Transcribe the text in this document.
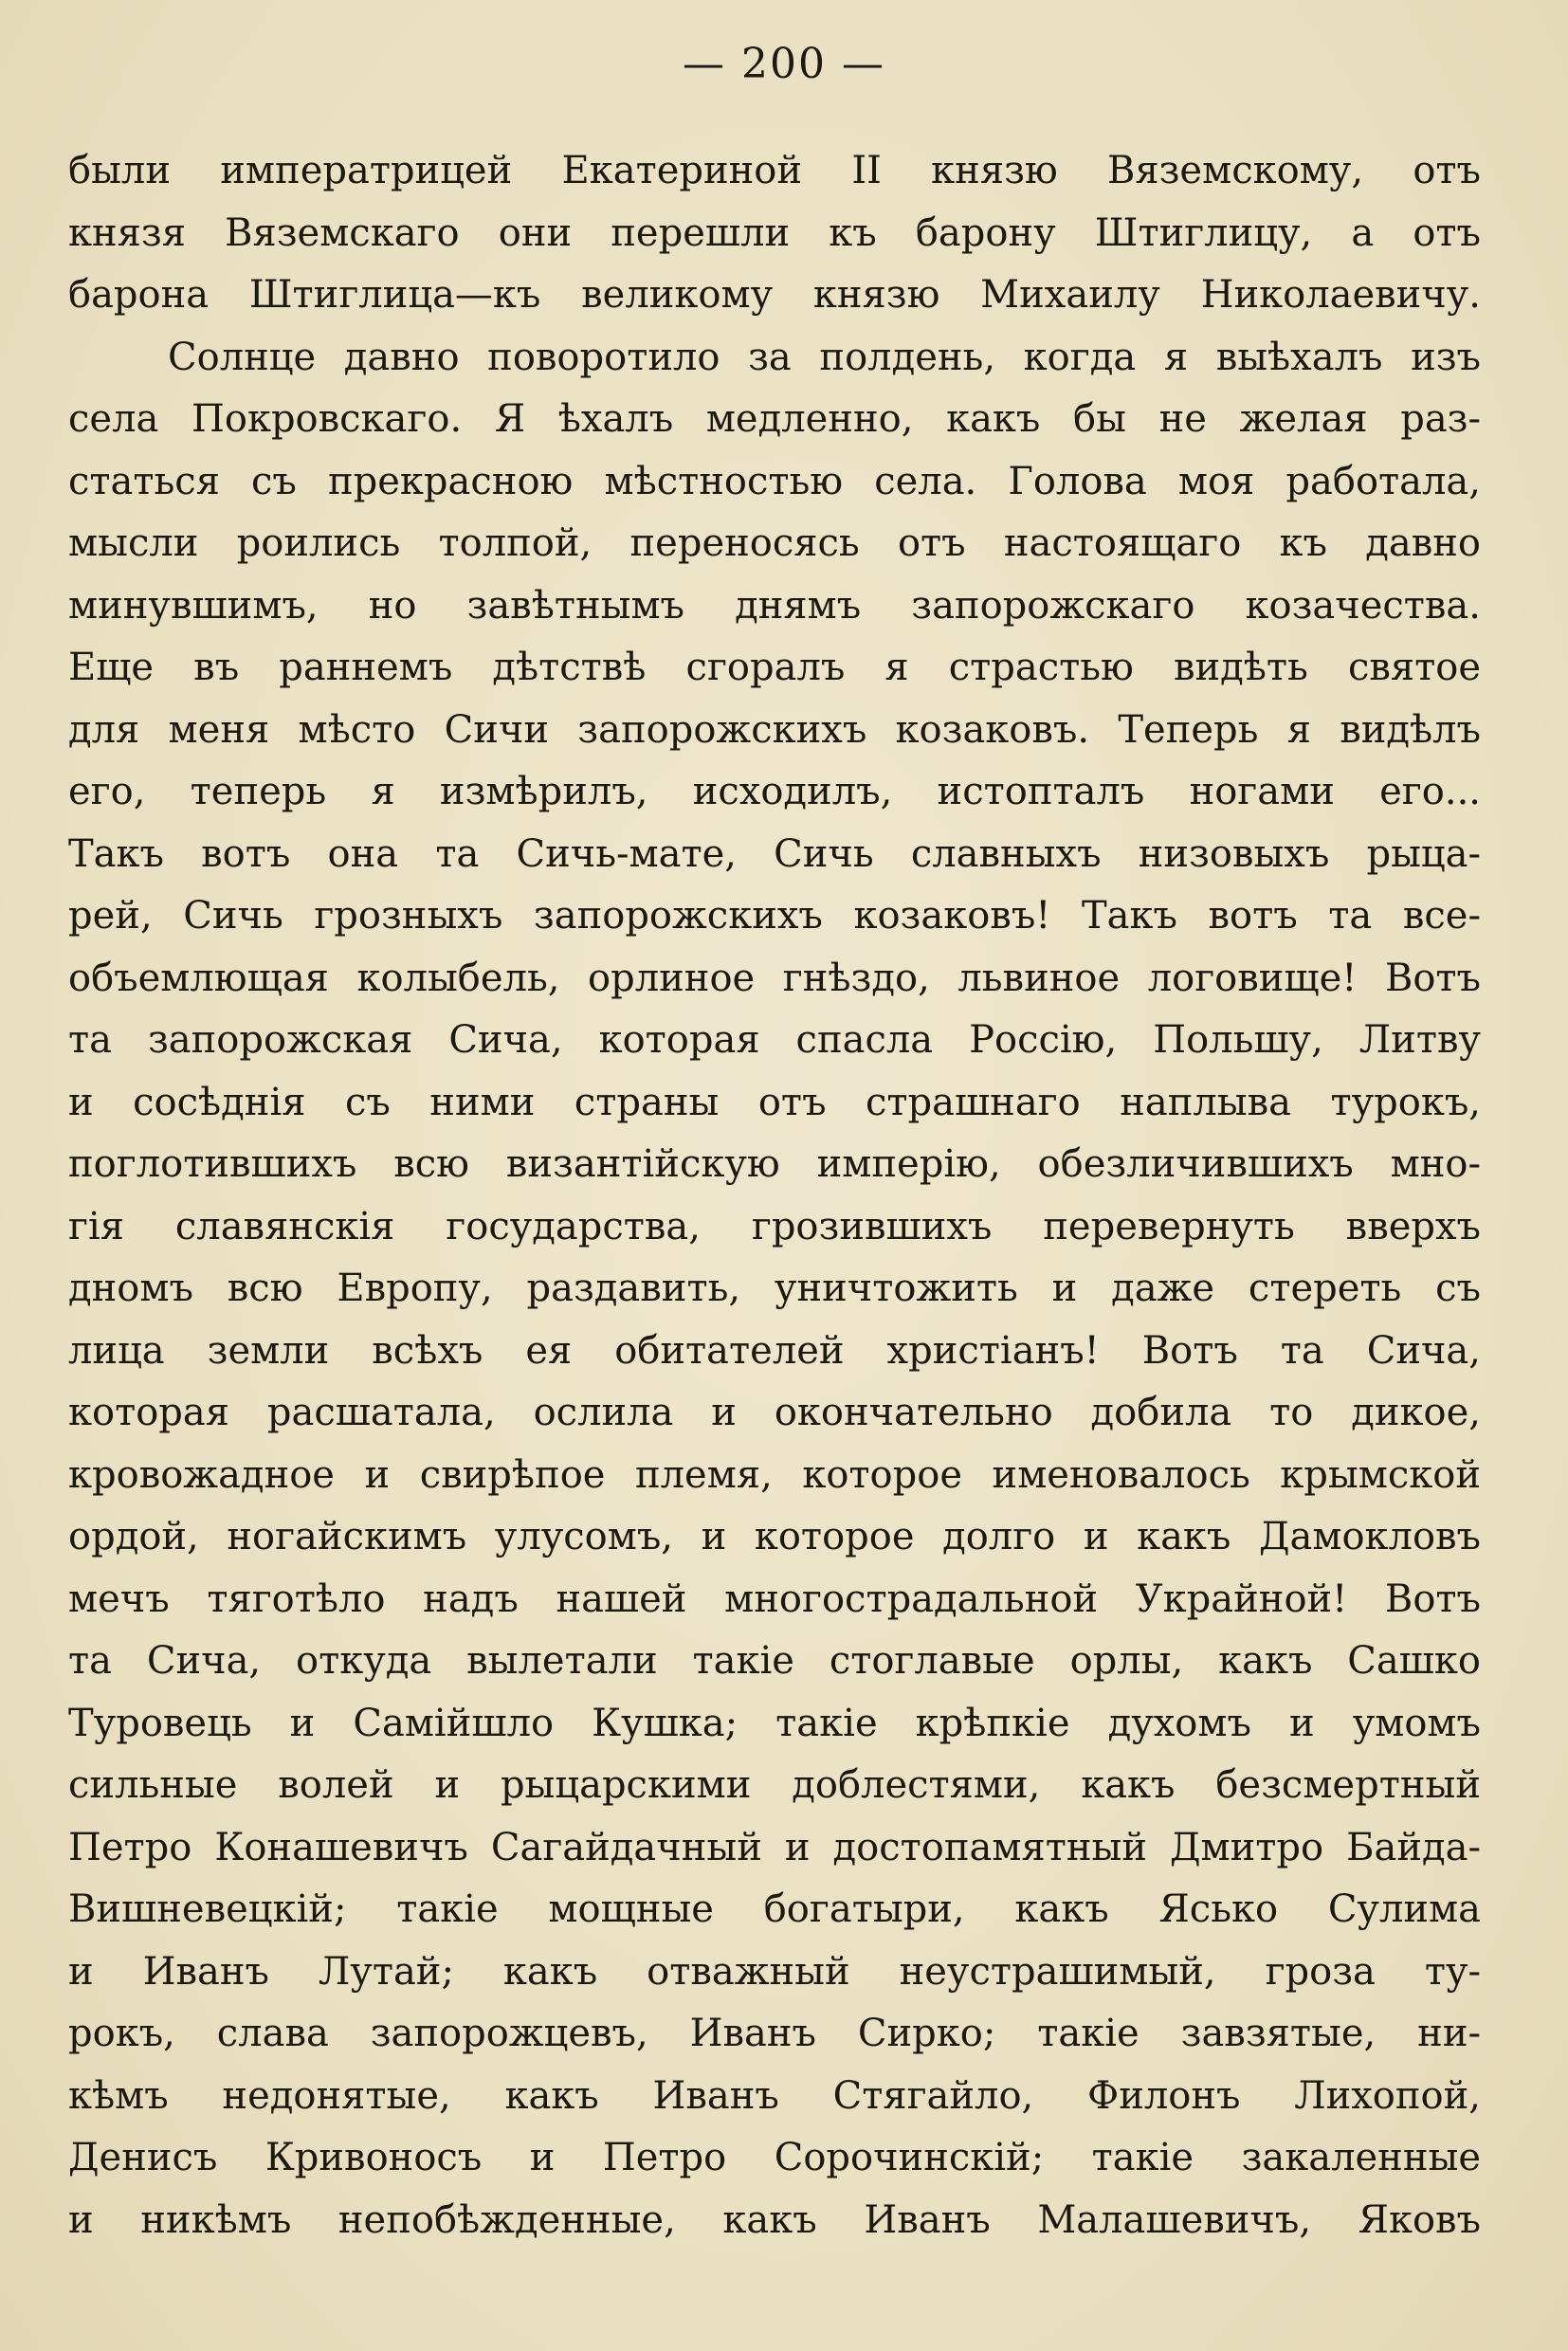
— 200 —
были императрицей Екатериной II князю Вяземскому, отъ
князя Вяземскаго они перешли къ барону Штиглицу, а отъ
барона Штиглица—къ великому князю Михаилу Николаевичу.
Солнце давно поворотило за полдень, когда я выѣхалъ изъ
села Покровскаго. Я ѣхалъ медленно, какъ бы не желая раз-
статься съ прекрасною мѣстностью села. Голова моя работала,
мысли роились толпой, переносясь отъ настоящаго къ давно
минувшимъ, но завѣтнымъ днямъ запорожскаго козачества.
Еще въ раннемъ дѣтствѣ сгоралъ я страстью видѣть святое
для меня мѣсто Сичи запорожскихъ козаковъ. Теперь я видѣлъ
его, теперь я измѣрилъ, исходилъ, истопталъ ногами его...
Такъ вотъ она та Сичь-мате, Сичь славныхъ низовыхъ рыца-
рей, Сичь грозныхъ запорожскихъ козаковъ! Такъ вотъ та все-
объемлющая колыбель, орлиное гнѣздо, львиное логовище! Вотъ
та запорожская Сича, которая спасла Россію, Польшу, Литву
и сосѣднія съ ними страны отъ страшнаго наплыва турокъ,
поглотившихъ всю византійскую имперію, обезличившихъ мно-
гія славянскія государства, грозившихъ перевернуть вверхъ
дномъ всю Европу, раздавить, уничтожить и даже стереть съ
лица земли всѣхъ ея обитателей христіанъ! Вотъ та Сича,
которая расшатала, ослила и окончательно добила то дикое,
кровожадное и свирѣпое племя, которое именовалось крымской
ордой, ногайскимъ улусомъ, и которое долго и какъ Дамокловъ
мечъ тяготѣло надъ нашей многострадальной Украйной! Вотъ
та Сича, откуда вылетали такіе стоглавые орлы, какъ Сашко
Туровець и Самійшло Кушка; такіе крѣпкіе духомъ и умомъ
сильные волей и рыцарскими доблестями, какъ безсмертный
Петро Конашевичъ Сагайдачный и достопамятный Дмитро Байда-
Вишневецкій; такіе мощные богатыри, какъ Ясько Сулима
и Иванъ Лутай; какъ отважный неустрашимый, гроза ту-
рокъ, слава запорожцевъ, Иванъ Сирко; такіе завзятые, ни-
кѣмъ недонятые, какъ Иванъ Стягайло, Филонъ Лихопой,
Денисъ Кривоносъ и Петро Сорочинскій; такіе закаленные
и никѣмъ непобѣжденные, какъ Иванъ Малашевичъ, Яковъ
